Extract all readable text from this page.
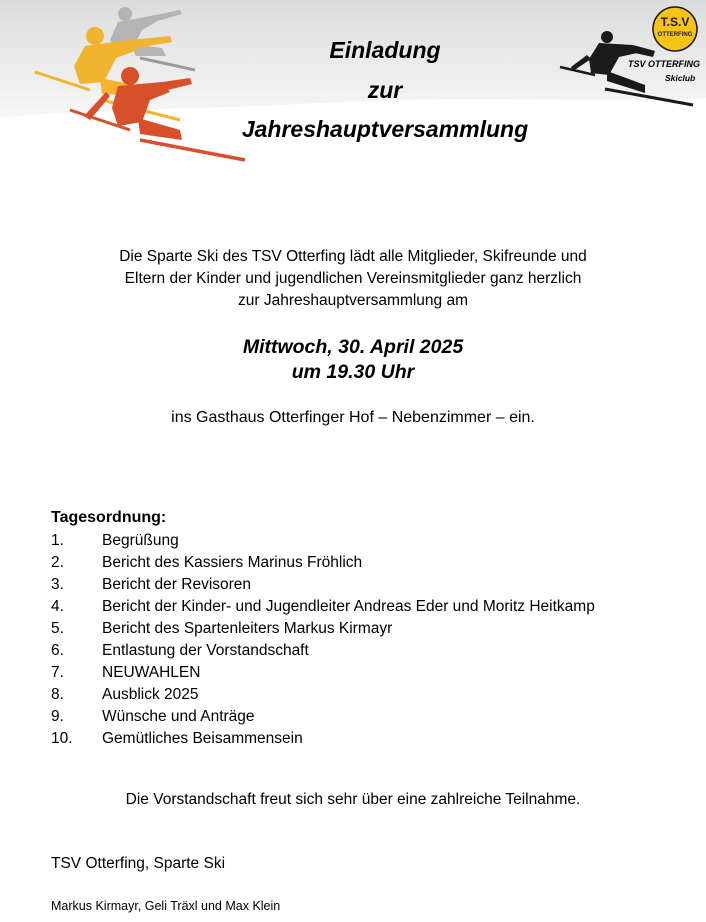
T.S.V
OTTERFING
TSV OTTERFING
Skiclub
Einladung
zur
Jahreshauptversammlung
Die Sparte Ski des TSV Otterfing lädt alle Mitglieder, Skifreunde und
Eltern der Kinder und jugendlichen Vereinsmitglieder ganz herzlich
zur Jahreshauptversammlung am
Mittwoch, 30. April 2025
um 19.30 Uhr
ins Gasthaus Otterfinger Hof – Nebenzimmer – ein.
Tagesordnung:
1. Begrüßung
2. Bericht des Kassiers Marinus Fröhlich
3. Bericht der Revisoren
4. Bericht der Kinder- und Jugendleiter Andreas Eder und Moritz Heitkamp
5. Bericht des Spartenleiters Markus Kirmayr
6. Entlastung der Vorstandschaft
7. NEUWAHLEN
8. Ausblick 2025
9. Wünsche und Anträge
10. Gemütliches Beisammensein
Die Vorstandschaft freut sich sehr über eine zahlreiche Teilnahme.
TSV Otterfing, Sparte Ski
Markus Kirmayr, Geli Träxl und Max Klein
